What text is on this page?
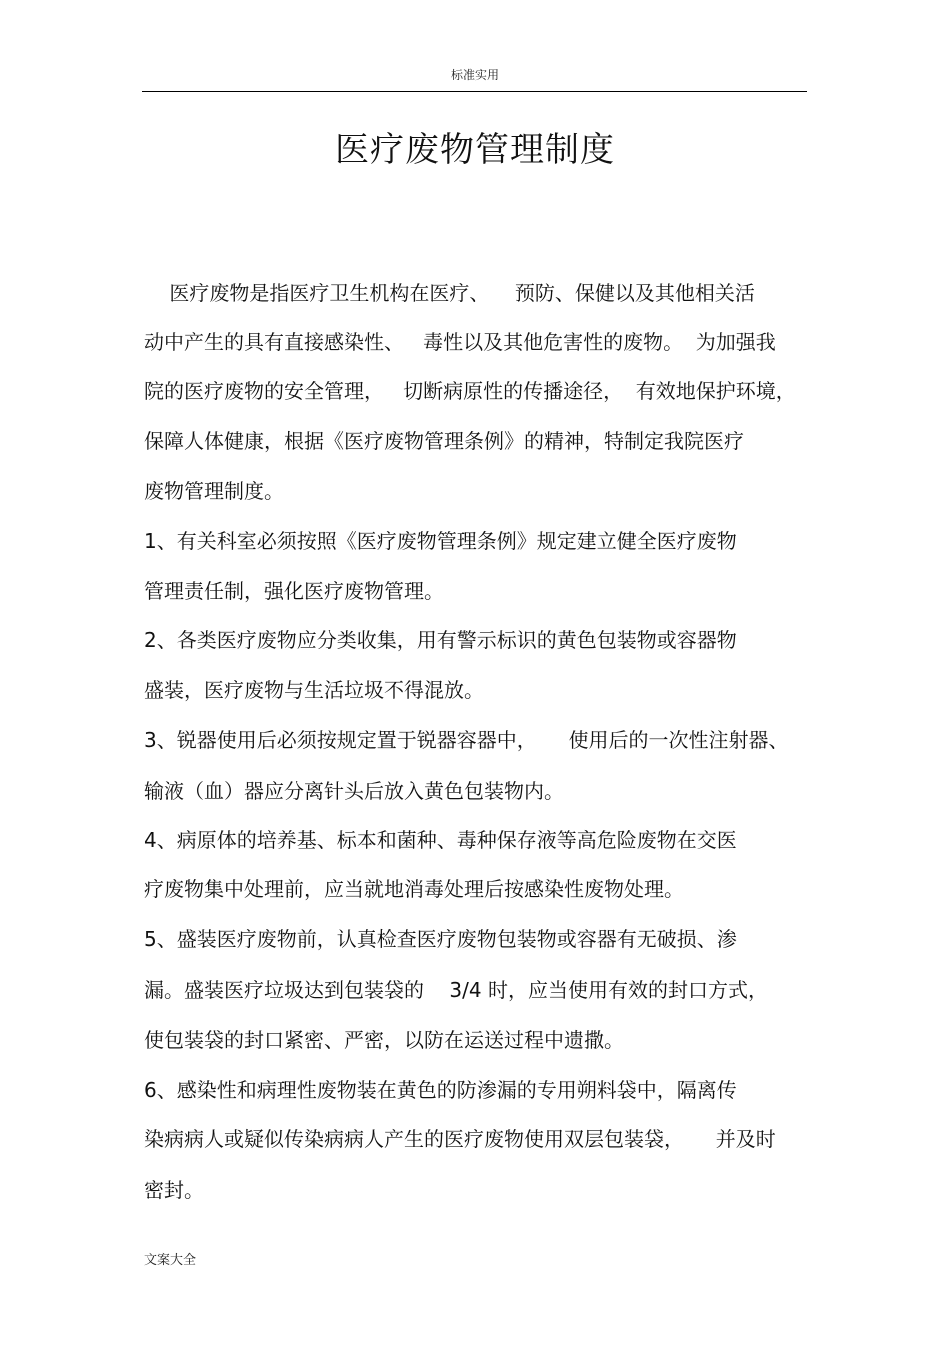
标准实用
医疗废物管理制度
医疗废物是指医疗卫生机构在医疗、    预防、保健以及其他相关活
动中产生的具有直接感染性、   毒性以及其他危害性的废物。  为加强我
院的医疗废物的安全管理，   切断病原性的传播途径，  有效地保护环境，
保障人体健康，根据《医疗废物管理条例》的精神，特制定我院医疗
废物管理制度。
1、有关科室必须按照《医疗废物管理条例》规定建立健全医疗废物
管理责任制，强化医疗废物管理。
2、各类医疗废物应分类收集，用有警示标识的黄色包装物或容器物
盛装，医疗废物与生活垃圾不得混放。
3、锐器使用后必须按规定置于锐器容器中，     使用后的一次性注射器、
输液（血）器应分离针头后放入黄色包装物内。
4、病原体的培养基、标本和菌种、毒种保存液等高危险废物在交医
疗废物集中处理前，应当就地消毒处理后按感染性废物处理。
5、盛装医疗废物前，认真检查医疗废物包装物或容器有无破损、渗
漏。盛装医疗垃圾达到包装袋的    3/4 时，应当使用有效的封口方式，
使包装袋的封口紧密、严密，以防在运送过程中遗撒。
6、感染性和病理性废物装在黄色的防渗漏的专用朔料袋中，隔离传
染病病人或疑似传染病病人产生的医疗废物使用双层包装袋，     并及时
密封。
文案大全
